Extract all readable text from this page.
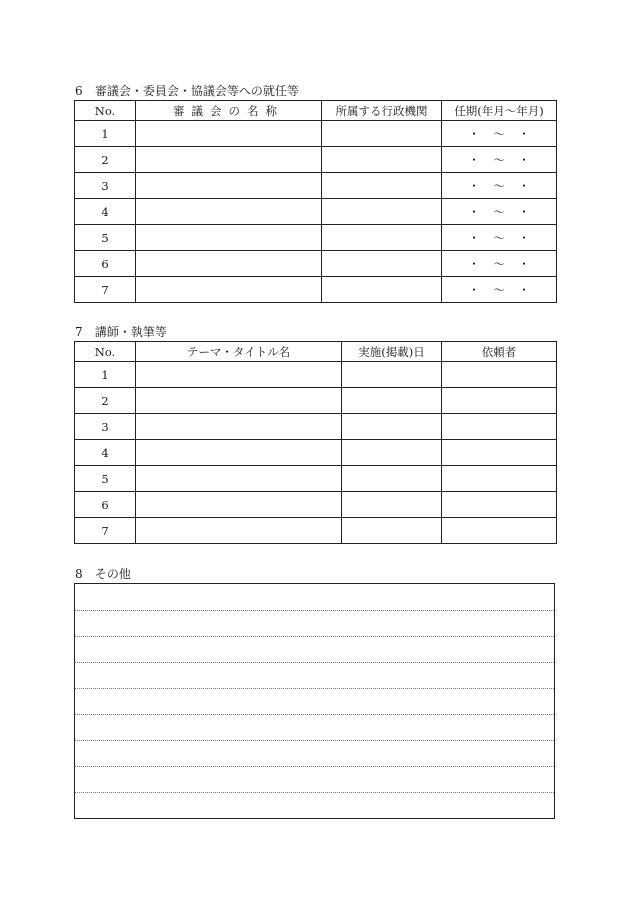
6 審議会・委員会・協議会等への就任等
No.	審議会の名称	所属する行政機関	任期(年月～年月)
1			・ ～ ・
2			・ ～ ・
3			・ ～ ・
4			・ ～ ・
5			・ ～ ・
6			・ ～ ・
7			・ ～ ・
7 講師・執筆等
No.	テーマ・タイトル名	実施(掲載)日	依頼者
1			
2			
3			
4			
5			
6			
7			
8 その他
